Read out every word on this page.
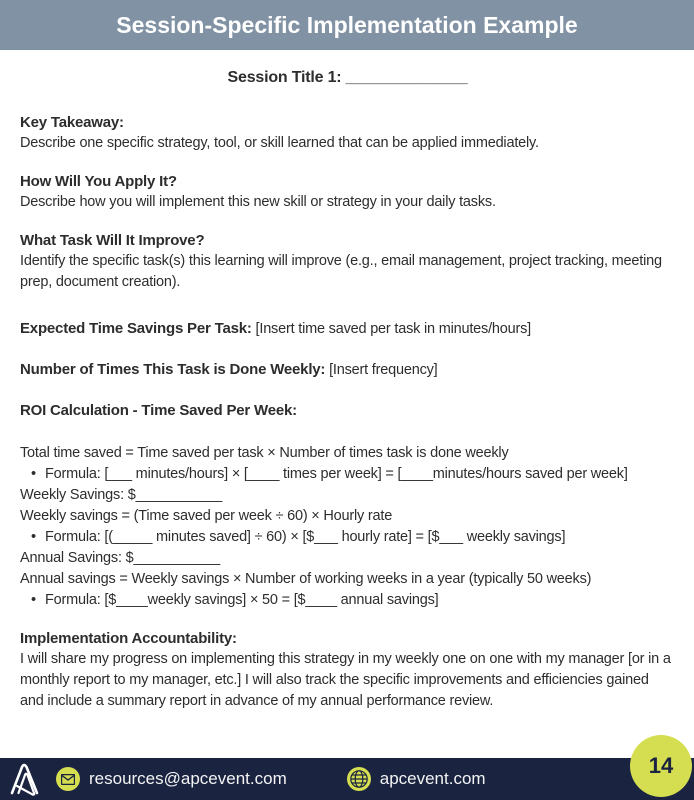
Session-Specific Implementation Example
Session Title 1: ______________
Key Takeaway:
Describe one specific strategy, tool, or skill learned that can be applied immediately.
How Will You Apply It?
Describe how you will implement this new skill or strategy in your daily tasks.
What Task Will It Improve?
Identify the specific task(s) this learning will improve (e.g., email management, project tracking, meeting prep, document creation).
Expected Time Savings Per Task: [Insert time saved per task in minutes/hours]
Number of Times This Task is Done Weekly: [Insert frequency]
ROI Calculation - Time Saved Per Week:
Total time saved = Time saved per task × Number of times task is done weekly
• Formula: [___ minutes/hours] × [____ times per week] = [____minutes/hours saved per week]
Weekly Savings: $___________
Weekly savings = (Time saved per week ÷ 60) × Hourly rate
• Formula: [(_____ minutes saved] ÷ 60) × [$___ hourly rate] = [$___ weekly savings]
Annual Savings: $___________
Annual savings = Weekly savings × Number of working weeks in a year (typically 50 weeks)
• Formula: [$____weekly savings] × 50 = [$____ annual savings]
Implementation Accountability:
I will share my progress on implementing this strategy in my weekly one on one with my manager [or in a monthly report to my manager, etc.] I will also track the specific improvements and efficiencies gained and include a summary report in advance of my annual performance review.
resources@apcevent.com	apcevent.com
14
